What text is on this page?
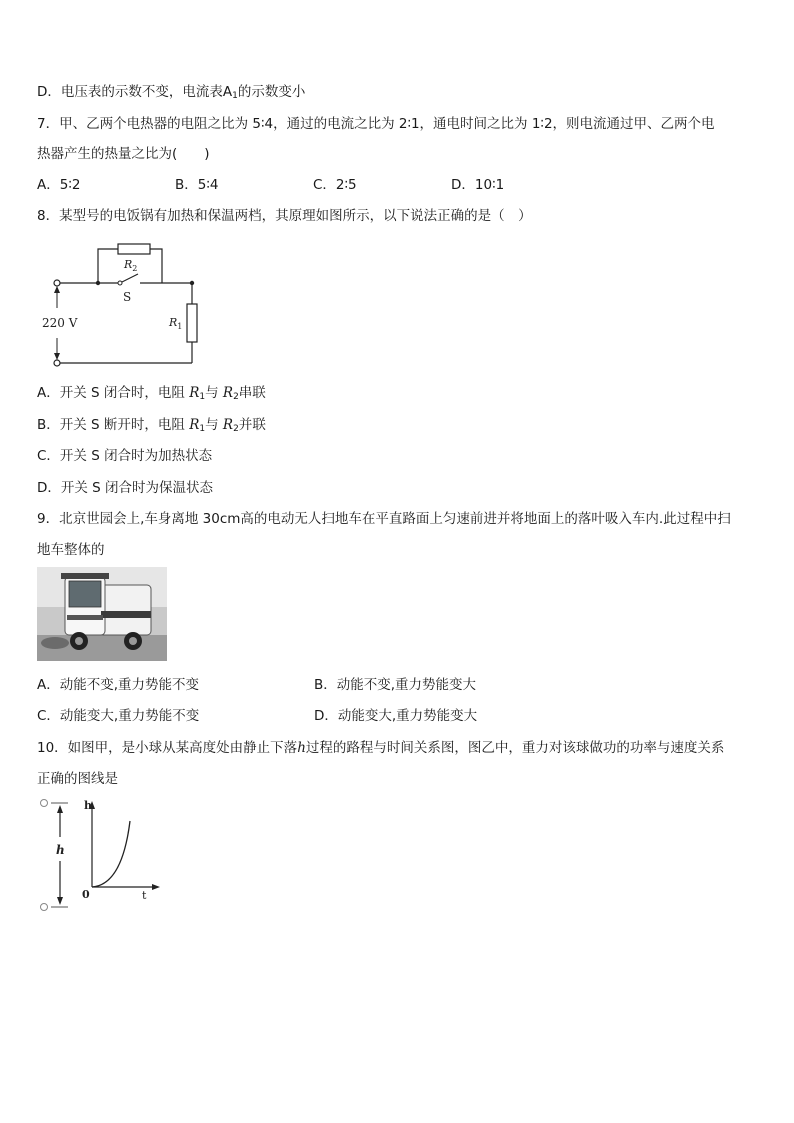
D．电压表的示数不变，电流表$A_1$的示数变小
7．甲、乙两个电热器的电阻之比为 5∶4，通过的电流之比为 2∶1，通电时间之比为 1∶2，则电流通过甲、乙两个电
热器产生的热量之比为(　　)
A．5∶2	B．5∶4	C．2∶5	D．10∶1
8．某型号的电饭锅有加热和保温两档，其原理如图所示，以下说法正确的是（　）
220 V
$R_2$
S
$R_1$
A．开关 S 闭合时，电阻 $R_1$与 $R_2$串联
B．开关 S 断开时，电阻 $R_1$与 $R_2$并联
C．开关 S 闭合时为加热状态
D．开关 S 闭合时为保温状态
9．北京世园会上,车身离地 30cm高的电动无人扫地车在平直路面上匀速前进并将地面上的落叶吸入车内.此过程中扫
地车整体的
A．动能不变,重力势能不变	B．动能不变,重力势能变大
C．动能变大,重力势能不变	D．动能变大,重力势能变大
10．如图甲，是小球从某高度处由静止下落h过程的路程与时间关系图，图乙中，重力对该球做功的功率与速度关系
正确的图线是
h
h
t
0
